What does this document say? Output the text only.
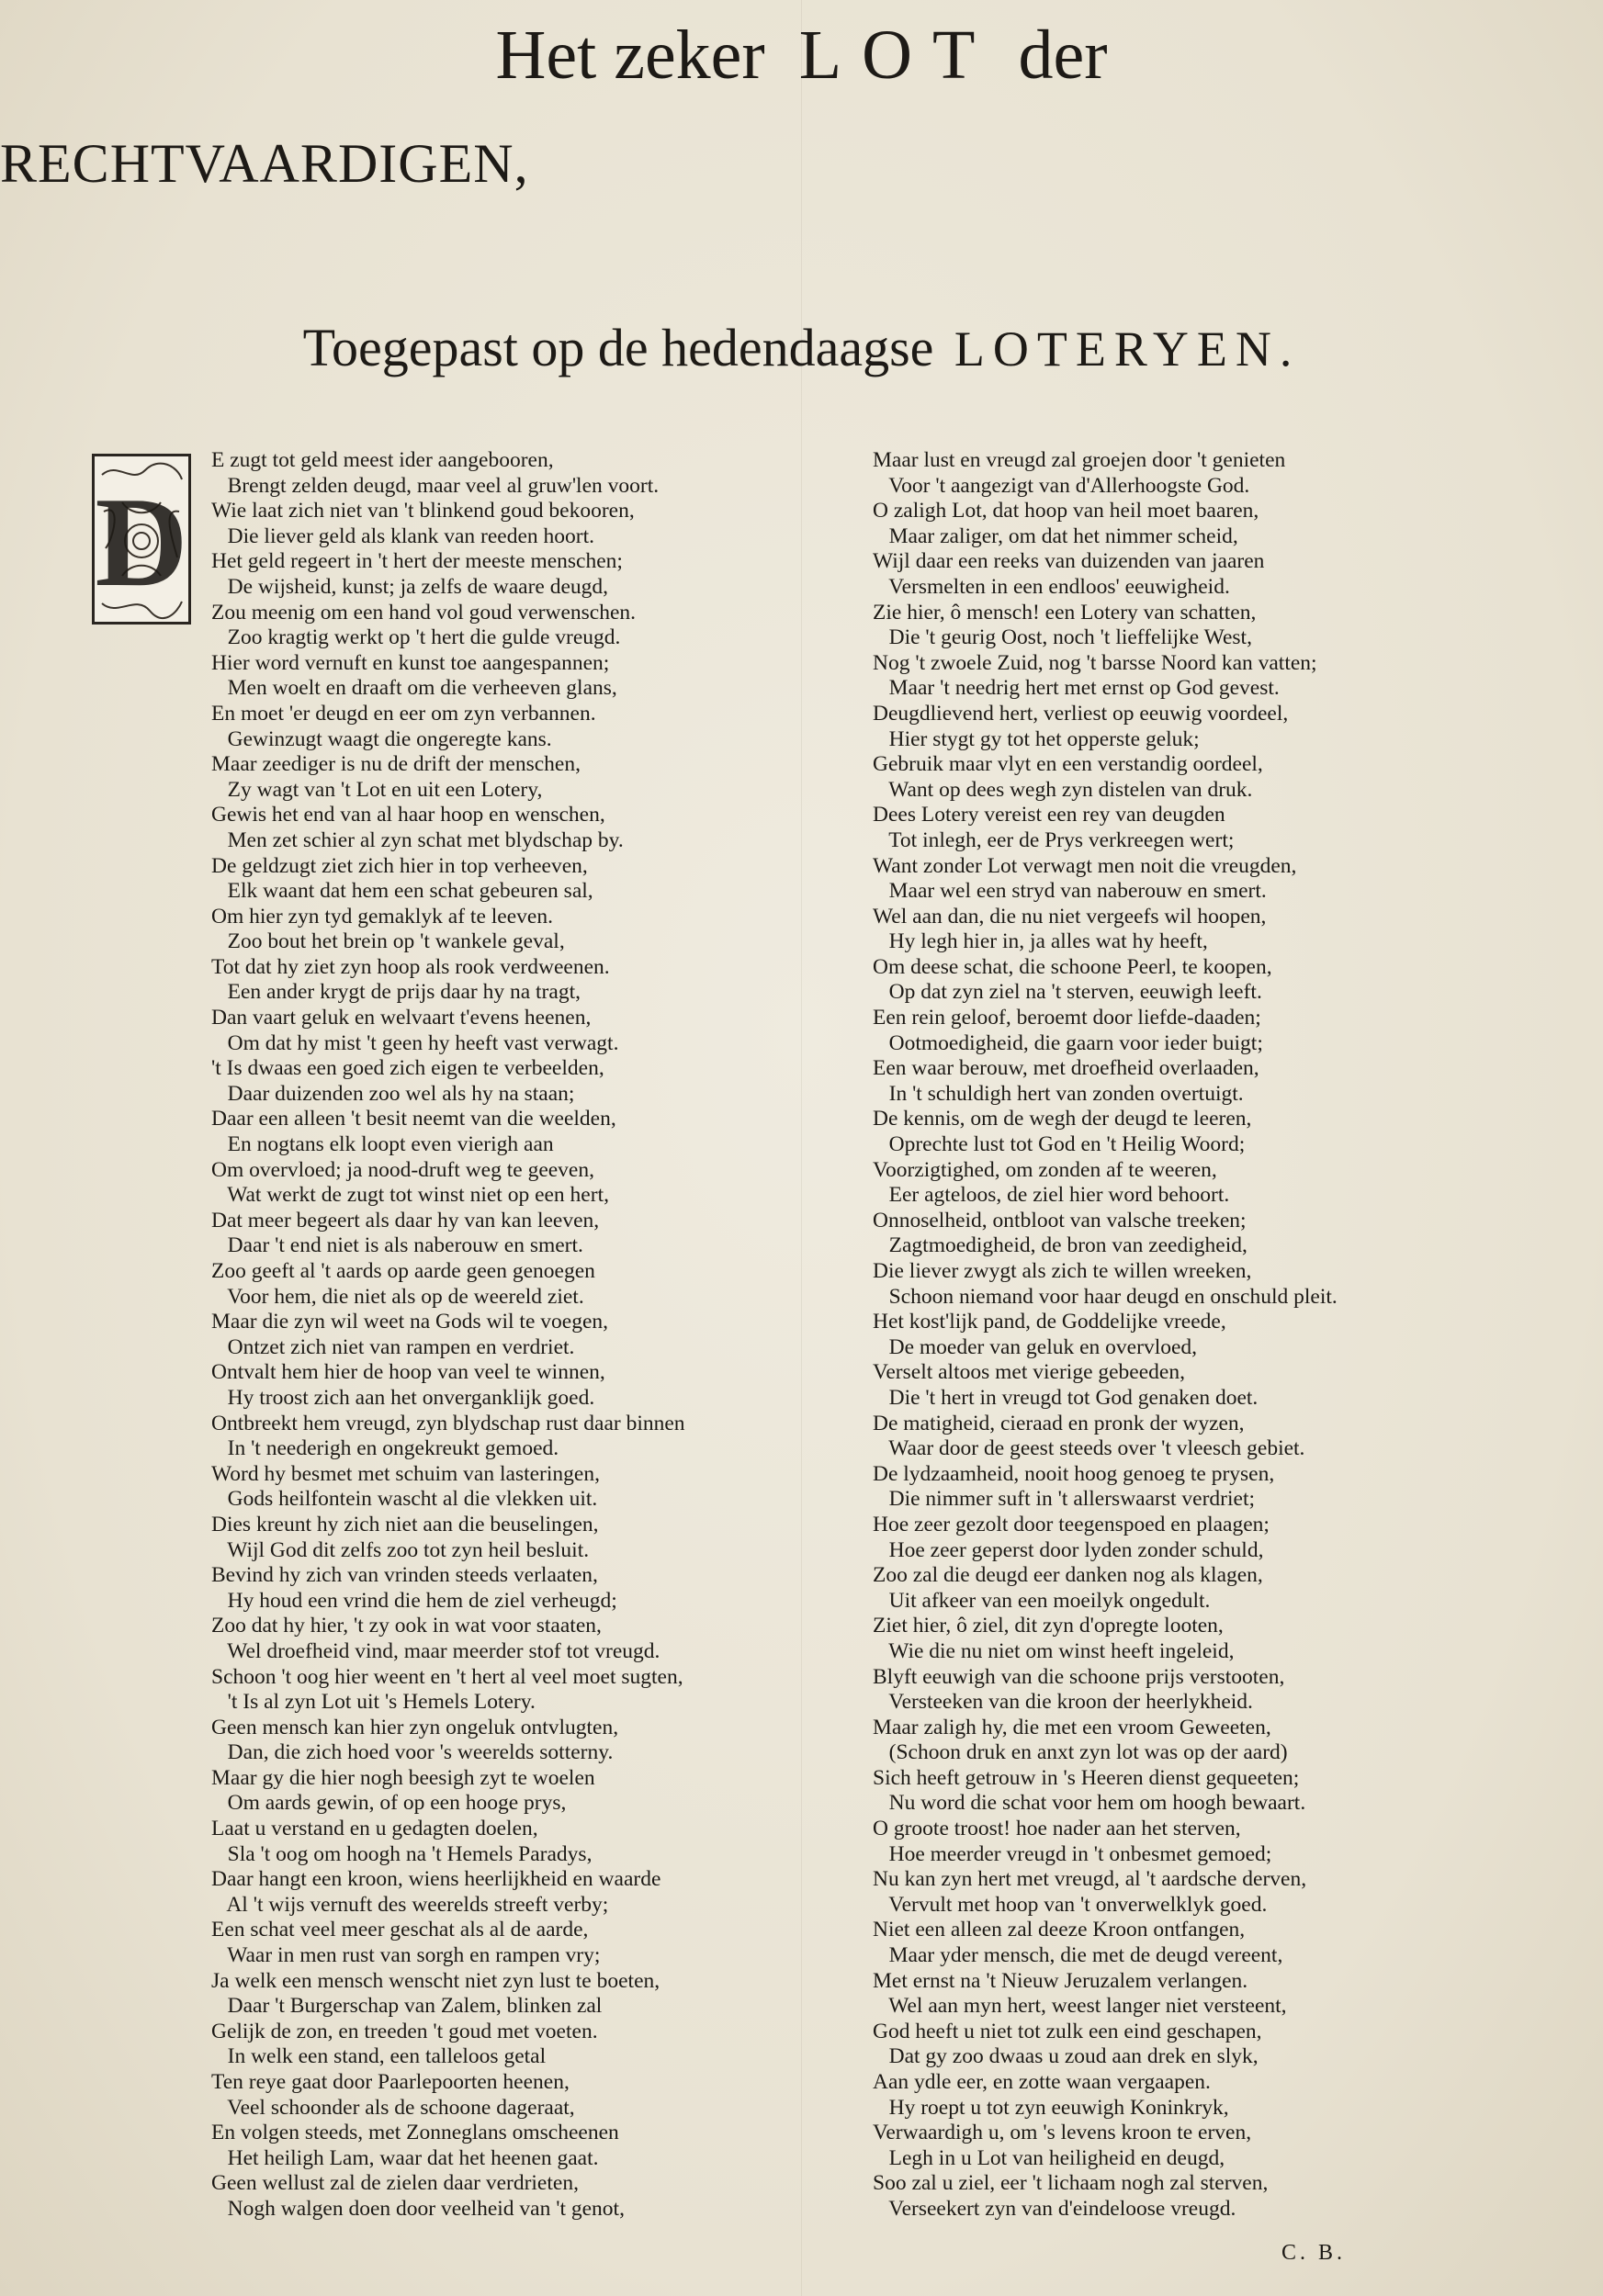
Het zeker LOT der
RECHTVAARDIGEN,
Toegepast op de hedendaagse LOTERYEN.
D
E zugt tot geld meest ider aangebooren,
Brengt zelden deugd, maar veel al gruw'len voort.
Wie laat zich niet van 't blinkend goud bekooren,
Die liever geld als klank van reeden hoort.
Het geld regeert in 't hert der meeste menschen;
De wijsheid, kunst; ja zelfs de waare deugd,
Zou meenig om een hand vol goud verwenschen.
Zoo kragtig werkt op 't hert die gulde vreugd.
Hier word vernuft en kunst toe aangespannen;
Men woelt en draaft om die verheeven glans,
En moet 'er deugd en eer om zyn verbannen.
Gewinzugt waagt die ongeregte kans.
Maar zeediger is nu de drift der menschen,
Zy wagt van 't Lot en uit een Lotery,
Gewis het end van al haar hoop en wenschen,
Men zet schier al zyn schat met blydschap by.
De geldzugt ziet zich hier in top verheeven,
Elk waant dat hem een schat gebeuren sal,
Om hier zyn tyd gemaklyk af te leeven.
Zoo bout het brein op 't wankele geval,
Tot dat hy ziet zyn hoop als rook verdweenen.
Een ander krygt de prijs daar hy na tragt,
Dan vaart geluk en welvaart t'evens heenen,
Om dat hy mist 't geen hy heeft vast verwagt.
't Is dwaas een goed zich eigen te verbeelden,
Daar duizenden zoo wel als hy na staan;
Daar een alleen 't besit neemt van die weelden,
En nogtans elk loopt even vierigh aan
Om overvloed; ja nood-druft weg te geeven,
Wat werkt de zugt tot winst niet op een hert,
Dat meer begeert als daar hy van kan leeven,
Daar 't end niet is als naberouw en smert.
Zoo geeft al 't aards op aarde geen genoegen
Voor hem, die niet als op de weereld ziet.
Maar die zyn wil weet na Gods wil te voegen,
Ontzet zich niet van rampen en verdriet.
Ontvalt hem hier de hoop van veel te winnen,
Hy troost zich aan het onverganklijk goed.
Ontbreekt hem vreugd, zyn blydschap rust daar binnen
In 't neederigh en ongekreukt gemoed.
Word hy besmet met schuim van lasteringen,
Gods heilfontein wascht al die vlekken uit.
Dies kreunt hy zich niet aan die beuselingen,
Wijl God dit zelfs zoo tot zyn heil besluit.
Bevind hy zich van vrinden steeds verlaaten,
Hy houd een vrind die hem de ziel verheugd;
Zoo dat hy hier, 't zy ook in wat voor staaten,
Wel droefheid vind, maar meerder stof tot vreugd.
Schoon 't oog hier weent en 't hert al veel moet sugten,
't Is al zyn Lot uit 's Hemels Lotery.
Geen mensch kan hier zyn ongeluk ontvlugten,
Dan, die zich hoed voor 's weerelds sotterny.
Maar gy die hier nogh beesigh zyt te woelen
Om aards gewin, of op een hooge prys,
Laat u verstand en u gedagten doelen,
Sla 't oog om hoogh na 't Hemels Paradys,
Daar hangt een kroon, wiens heerlijkheid en waarde
Al 't wijs vernuft des weerelds streeft verby;
Een schat veel meer geschat als al de aarde,
Waar in men rust van sorgh en rampen vry;
Ja welk een mensch wenscht niet zyn lust te boeten,
Daar 't Burgerschap van Zalem, blinken zal
Gelijk de zon, en treeden 't goud met voeten.
In welk een stand, een talleloos getal
Ten reye gaat door Paarlepoorten heenen,
Veel schoonder als de schoone dageraat,
En volgen steeds, met Zonneglans omscheenen
Het heiligh Lam, waar dat het heenen gaat.
Geen wellust zal de zielen daar verdrieten,
Nogh walgen doen door veelheid van 't genot,
Maar lust en vreugd zal groejen door 't genieten
Voor 't aangezigt van d'Allerhoogste God.
O zaligh Lot, dat hoop van heil moet baaren,
Maar zaliger, om dat het nimmer scheid,
Wijl daar een reeks van duizenden van jaaren
Versmelten in een endloos' eeuwigheid.
Zie hier, ô mensch! een Lotery van schatten,
Die 't geurig Oost, noch 't lieffelijke West,
Nog 't zwoele Zuid, nog 't barsse Noord kan vatten;
Maar 't needrig hert met ernst op God gevest.
Deugdlievend hert, verliest op eeuwig voordeel,
Hier stygt gy tot het opperste geluk;
Gebruik maar vlyt en een verstandig oordeel,
Want op dees wegh zyn distelen van druk.
Dees Lotery vereist een rey van deugden
Tot inlegh, eer de Prys verkreegen wert;
Want zonder Lot verwagt men noit die vreugden,
Maar wel een stryd van naberouw en smert.
Wel aan dan, die nu niet vergeefs wil hoopen,
Hy legh hier in, ja alles wat hy heeft,
Om deese schat, die schoone Peerl, te koopen,
Op dat zyn ziel na 't sterven, eeuwigh leeft.
Een rein geloof, beroemt door liefde-daaden;
Ootmoedigheid, die gaarn voor ieder buigt;
Een waar berouw, met droefheid overlaaden,
In 't schuldigh hert van zonden overtuigt.
De kennis, om de wegh der deugd te leeren,
Oprechte lust tot God en 't Heilig Woord;
Voorzigtighed, om zonden af te weeren,
Eer agteloos, de ziel hier word behoort.
Onnoselheid, ontbloot van valsche treeken;
Zagtmoedigheid, de bron van zeedigheid,
Die liever zwygt als zich te willen wreeken,
Schoon niemand voor haar deugd en onschuld pleit.
Het kost'lijk pand, de Goddelijke vreede,
De moeder van geluk en overvloed,
Verselt altoos met vierige gebeeden,
Die 't hert in vreugd tot God genaken doet.
De matigheid, cieraad en pronk der wyzen,
Waar door de geest steeds over 't vleesch gebiet.
De lydzaamheid, nooit hoog genoeg te prysen,
Die nimmer suft in 't allerswaarst verdriet;
Hoe zeer gezolt door teegenspoed en plaagen;
Hoe zeer geperst door lyden zonder schuld,
Zoo zal die deugd eer danken nog als klagen,
Uit afkeer van een moeilyk ongedult.
Ziet hier, ô ziel, dit zyn d'opregte looten,
Wie die nu niet om winst heeft ingeleid,
Blyft eeuwigh van die schoone prijs verstooten,
Versteeken van die kroon der heerlykheid.
Maar zaligh hy, die met een vroom Geweeten,
(Schoon druk en anxt zyn lot was op der aard)
Sich heeft getrouw in 's Heeren dienst gequeeten;
Nu word die schat voor hem om hoogh bewaart.
O groote troost! hoe nader aan het sterven,
Hoe meerder vreugd in 't onbesmet gemoed;
Nu kan zyn hert met vreugd, al 't aardsche derven,
Vervult met hoop van 't onverwelklyk goed.
Niet een alleen zal deeze Kroon ontfangen,
Maar yder mensch, die met de deugd vereent,
Met ernst na 't Nieuw Jeruzalem verlangen.
Wel aan myn hert, weest langer niet versteent,
God heeft u niet tot zulk een eind geschapen,
Dat gy zoo dwaas u zoud aan drek en slyk,
Aan ydle eer, en zotte waan vergaapen.
Hy roept u tot zyn eeuwigh Koninkryk,
Verwaardigh u, om 's levens kroon te erven,
Legh in u Lot van heiligheid en deugd,
Soo zal u ziel, eer 't lichaam nogh zal sterven,
Verseekert zyn van d'eindeloose vreugd.
C. B.
